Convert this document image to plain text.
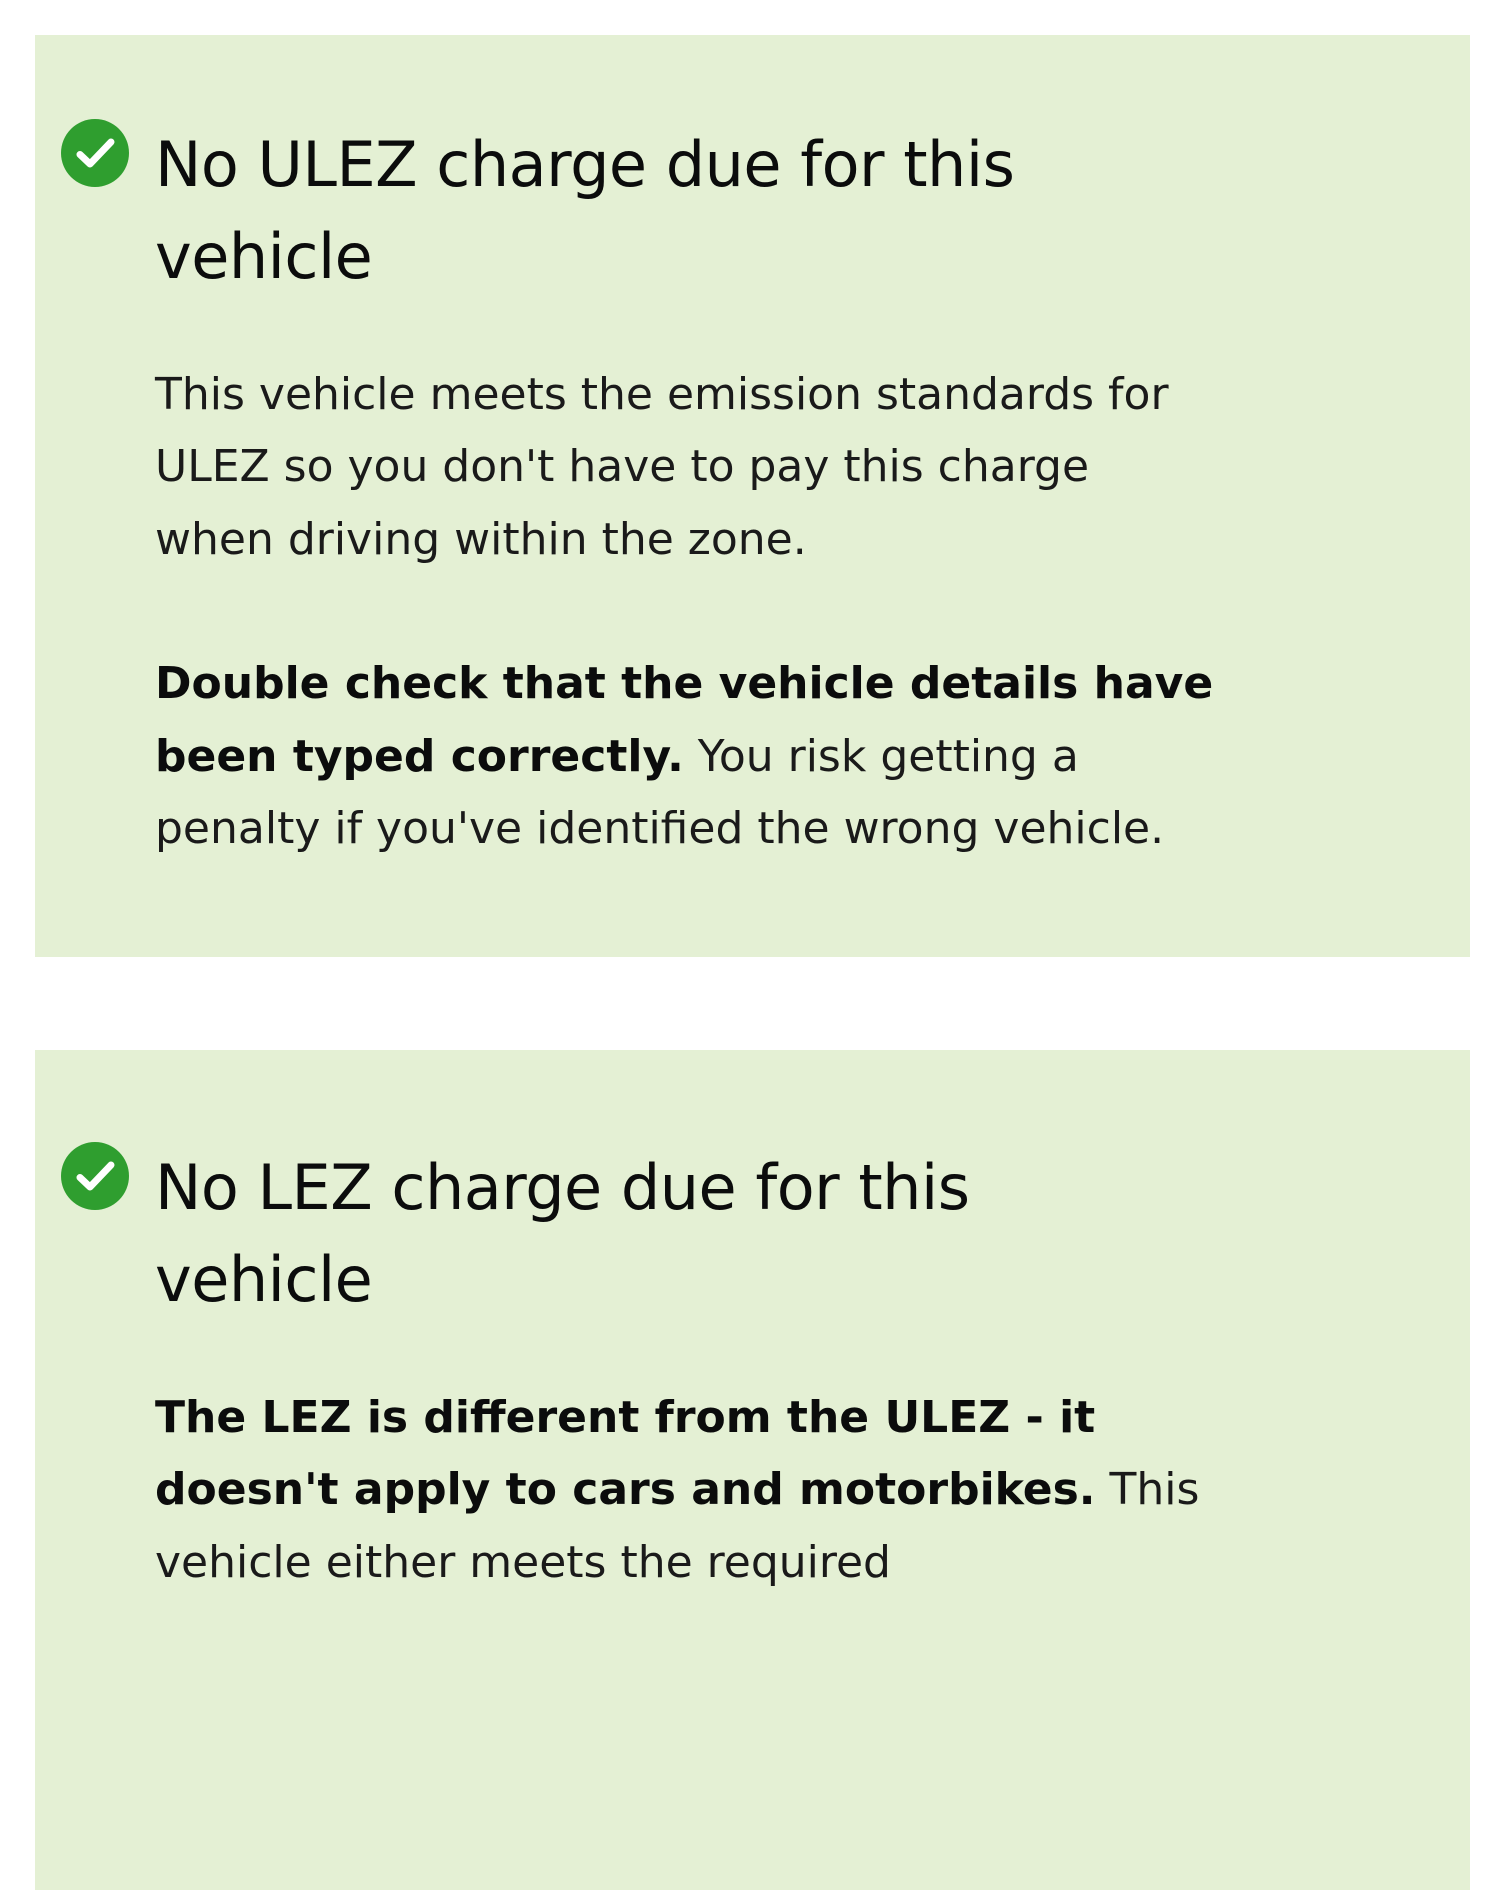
No ULEZ charge due for this vehicle

This vehicle meets the emission standards for ULEZ so you don't have to pay this charge when driving within the zone.

Double check that the vehicle details have been typed correctly. You risk getting a penalty if you've identified the wrong vehicle.

No LEZ charge due for this vehicle

The LEZ is different from the ULEZ - it doesn't apply to cars and motorbikes. This vehicle either meets the required
